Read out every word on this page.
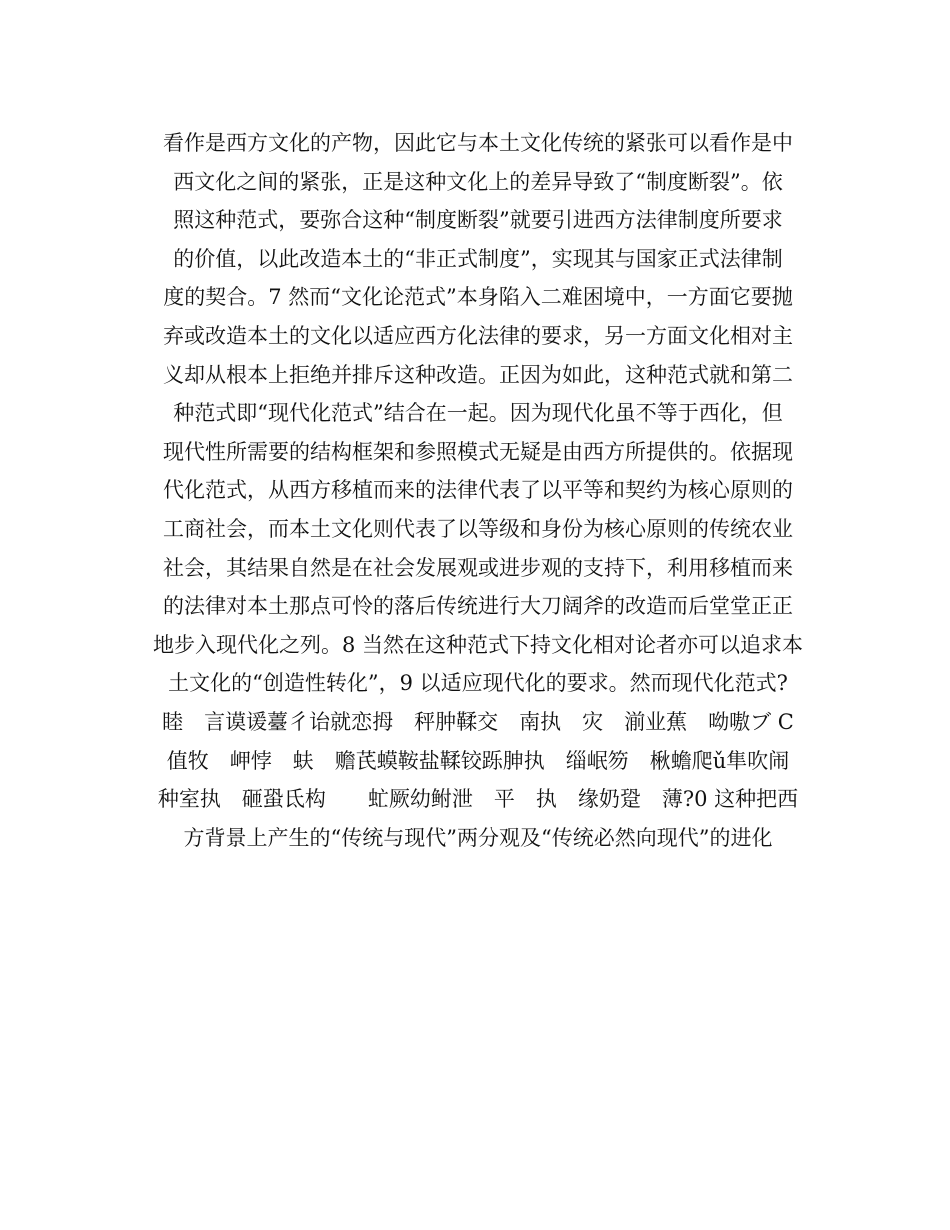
看作是西方文化的产物，因此它与本土文化传统的紧张可以看作是中
西文化之间的紧张，正是这种文化上的差异导致了“制度断裂”。依
照这种范式，要弥合这种“制度断裂”就要引进西方法律制度所要求
的价值，以此改造本土的“非正式制度”，实现其与国家正式法律制
度的契合。7 然而“文化论范式”本身陷入二难困境中，一方面它要抛
弃或改造本土的文化以适应西方化法律的要求，另一方面文化相对主
义却从根本上拒绝并排斥这种改造。正因为如此，这种范式就和第二
种范式即“现代化范式”结合在一起。因为现代化虽不等于西化，但
现代性所需要的结构框架和参照模式无疑是由西方所提供的。依据现
代化范式，从西方移植而来的法律代表了以平等和契约为核心原则的
工商社会，而本土文化则代表了以等级和身份为核心原则的传统农业
社会，其结果自然是在社会发展观或进步观的支持下，利用移植而来
的法律对本土那点可怜的落后传统进行大刀阔斧的改造而后堂堂正正
地步入现代化之列。8 当然在这种范式下持文化相对论者亦可以追求本
土文化的“创造性转化”，9 以适应现代化的要求。然而现代化范式?
睦　言谟谖薹彳诒就恋拇　秤肿鞣交　南执　灾　湔业蕉　呦嗷ブ C
值牧　岬悖　蚨　赡芪蟆鞍盐鞣铰跞胂执　缁岷笏　楸蟾爬ǔ隼吹闹
种室执　砸蛩氐构　　虻厥幼鲋泄　平　执　缘奶跫　薄?0 这种把西
方背景上产生的“传统与现代”两分观及“传统必然向现代”的进化
